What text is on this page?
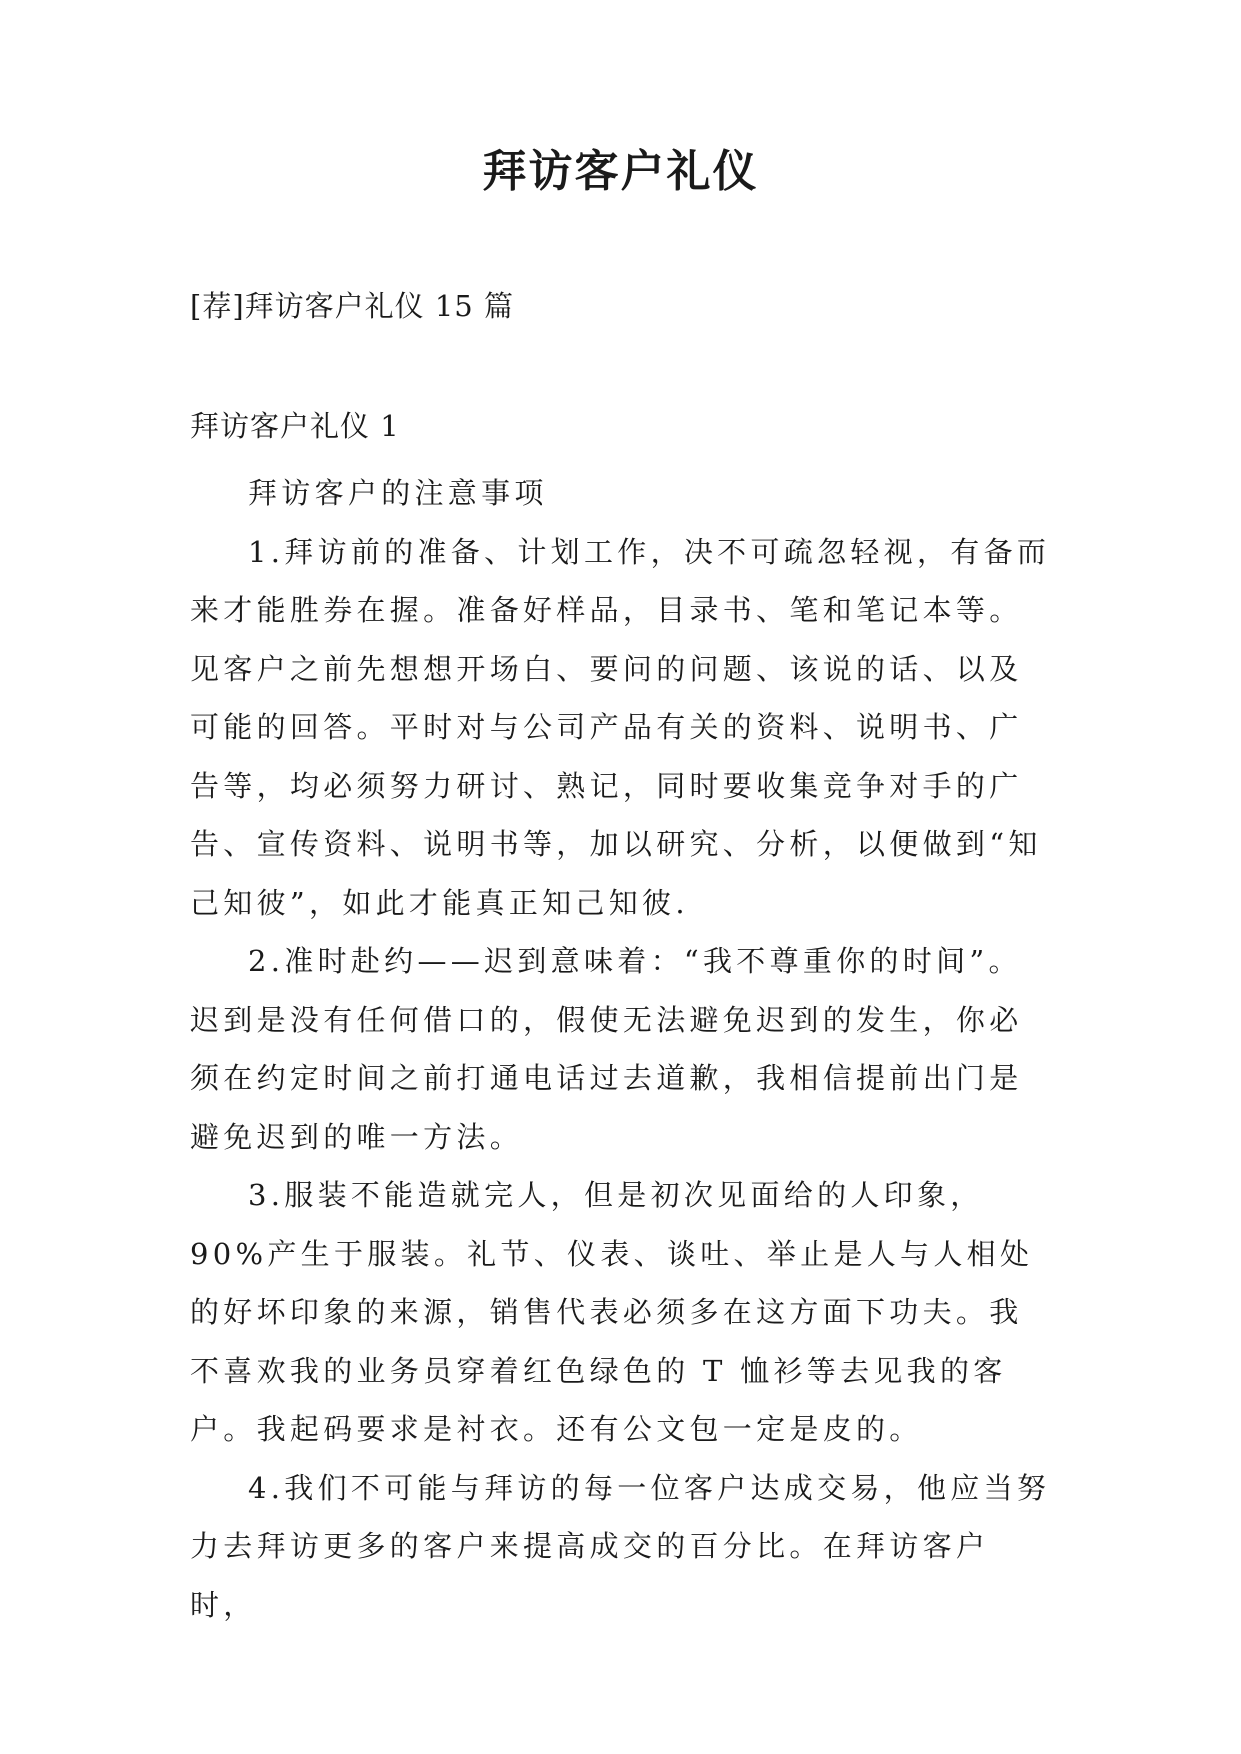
拜访客户礼仪
[荐]拜访客户礼仪 15 篇
拜访客户礼仪 1

拜访客户的注意事项

1.拜访前的准备、计划工作，决不可疏忽轻视，有备而来才能胜券在握。准备好样品，目录书、笔和笔记本等。见客户之前先想想开场白、要问的问题、该说的话、以及可能的回答。平时对与公司产品有关的资料、说明书、广告等，均必须努力研讨、熟记，同时要收集竞争对手的广告、宣传资料、说明书等，加以研究、分析，以便做到“知己知彼”，如此才能真正知己知彼.

2.准时赴约——迟到意味着：“我不尊重你的时间”。迟到是没有任何借口的，假使无法避免迟到的发生，你必须在约定时间之前打通电话过去道歉，我相信提前出门是避免迟到的唯一方法。

3.服装不能造就完人，但是初次见面给的人印象，90%产生于服装。礼节、仪表、谈吐、举止是人与人相处的好坏印象的来源，销售代表必须多在这方面下功夫。我不喜欢我的业务员穿着红色绿色的 T 恤衫等去见我的客户。我起码要求是衬衣。还有公文包一定是皮的。

4.我们不可能与拜访的每一位客户达成交易，他应当努力去拜访更多的客户来提高成交的百分比。在拜访客户时，
